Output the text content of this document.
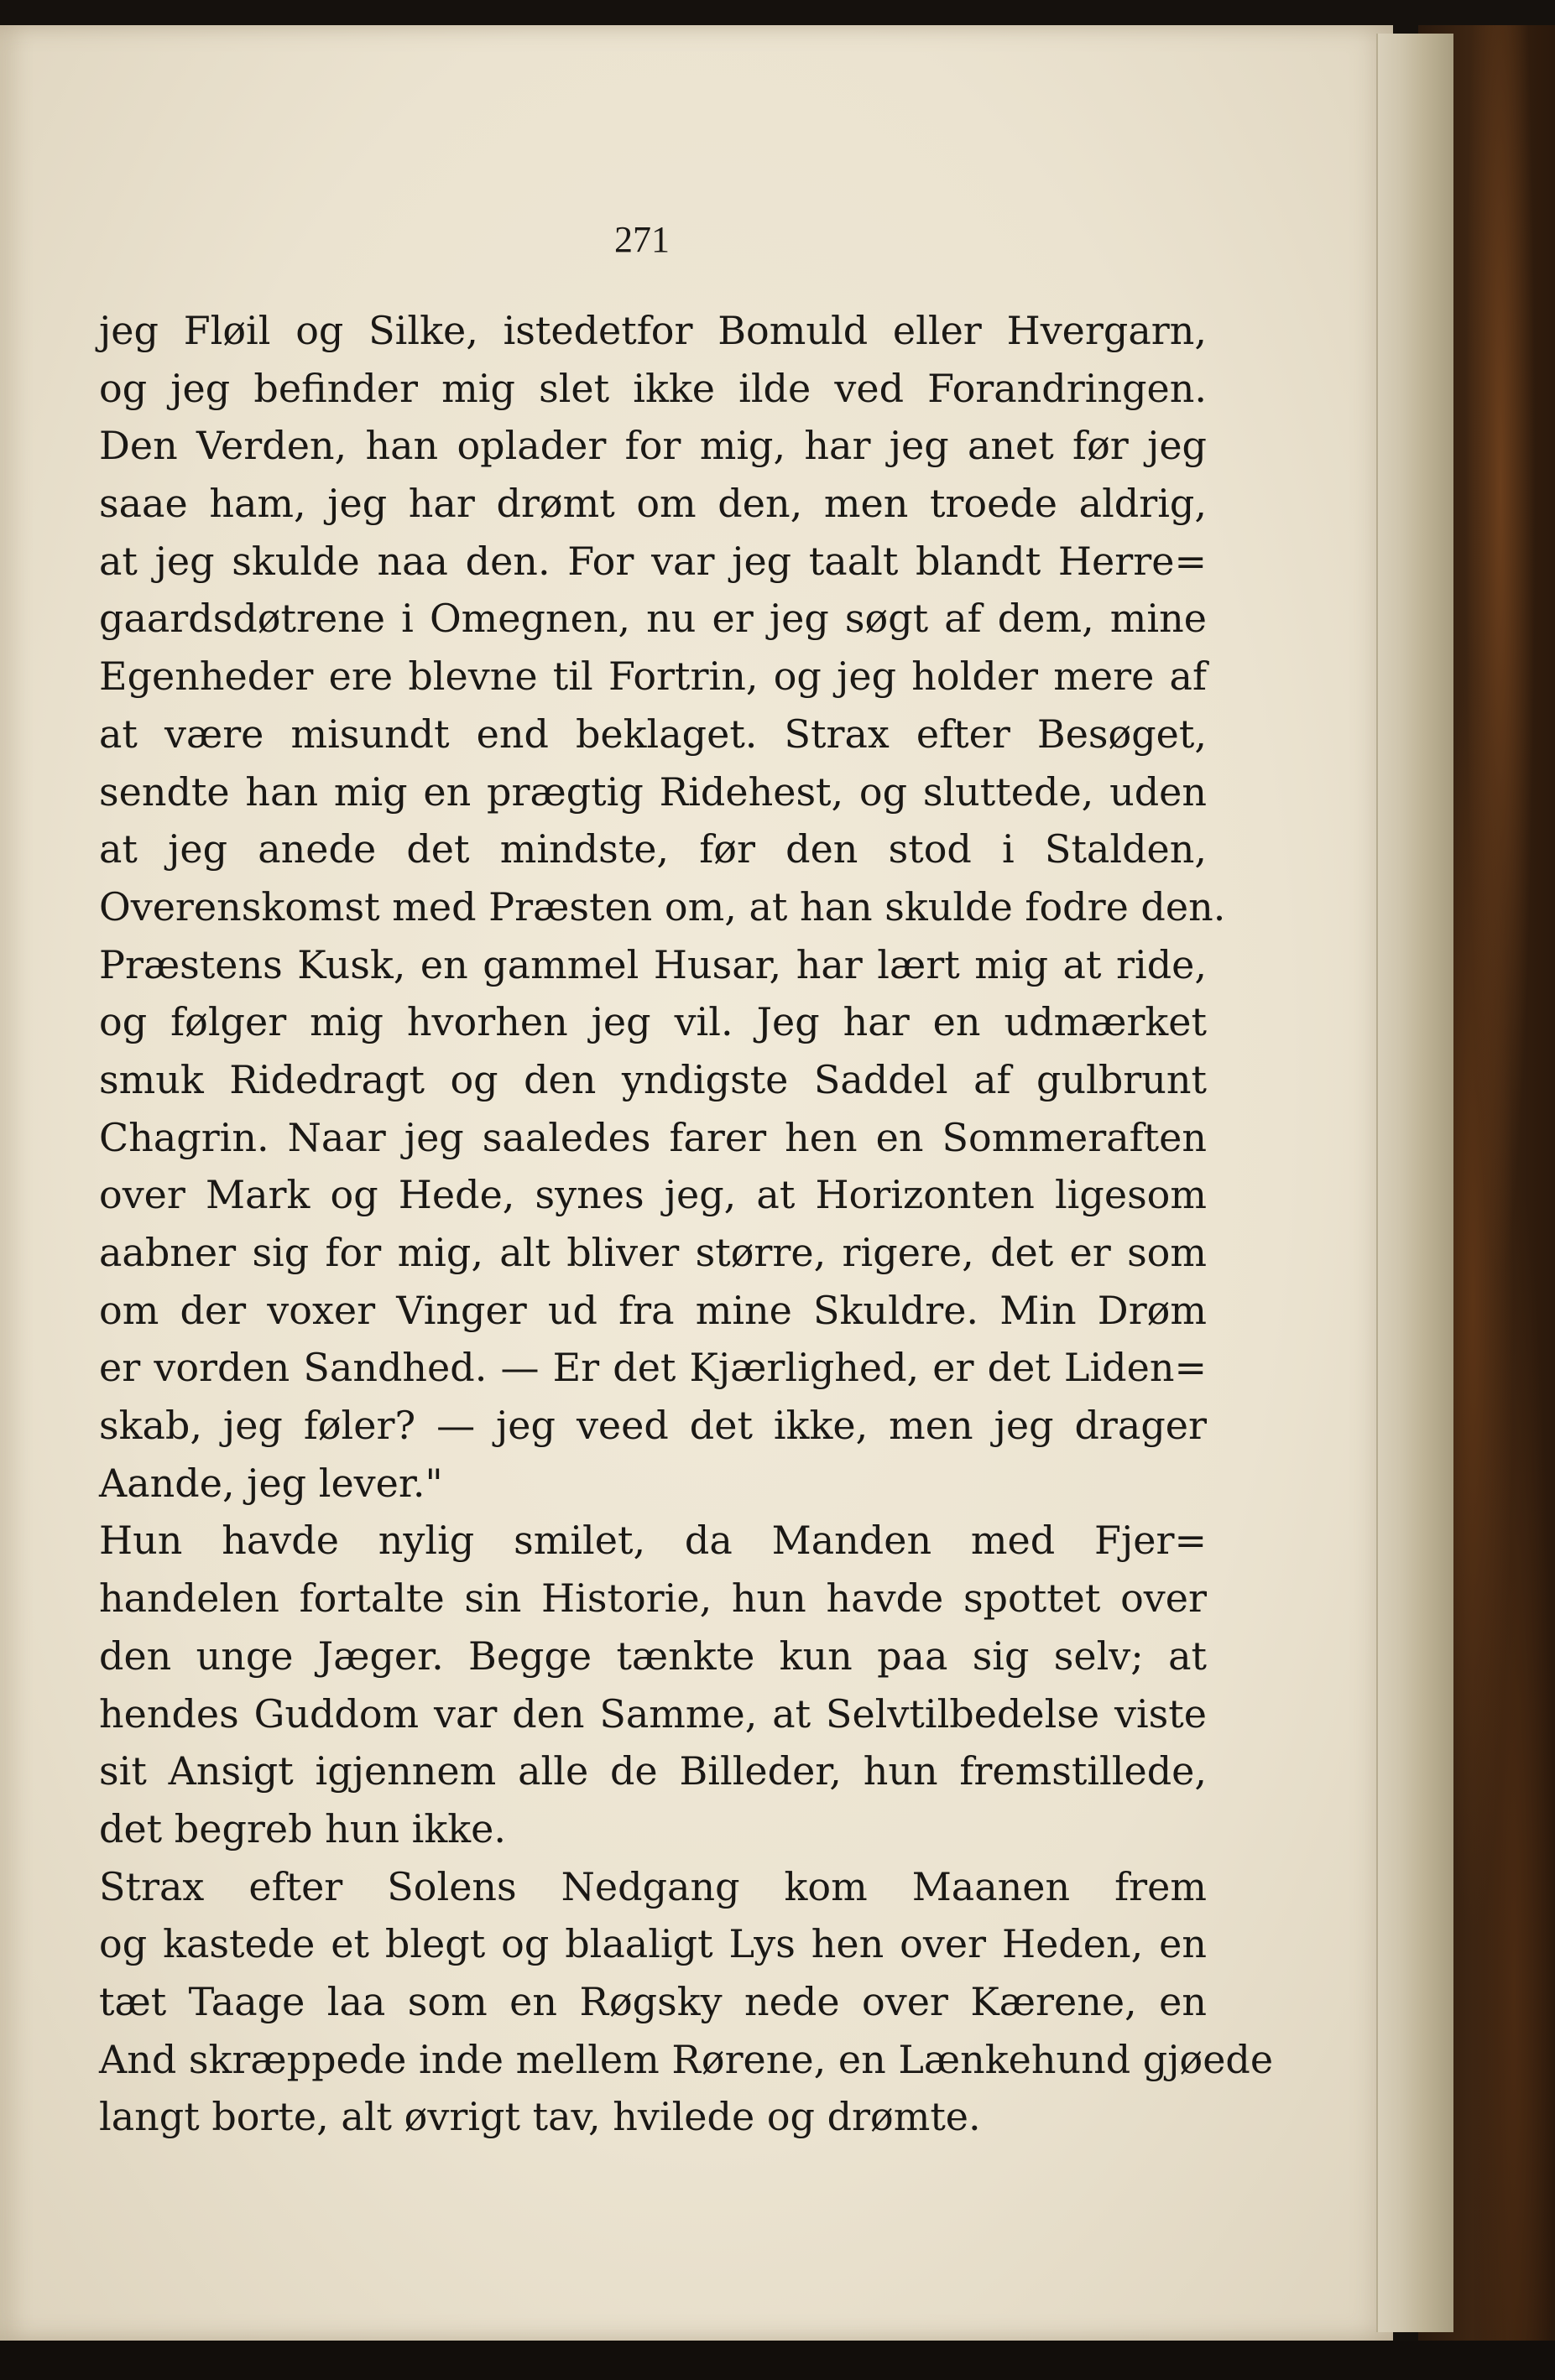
271
jeg Fløil og Silke, istedetfor Bomuld eller Hvergarn,
og jeg befinder mig slet ikke ilde ved Forandringen.
Den Verden, han oplader for mig, har jeg anet før jeg
saae ham, jeg har drømt om den, men troede aldrig,
at jeg skulde naa den. For var jeg taalt blandt Herre=
gaardsdøtrene i Omegnen, nu er jeg søgt af dem, mine
Egenheder ere blevne til Fortrin, og jeg holder mere af
at være misundt end beklaget. Strax efter Besøget,
sendte han mig en prægtig Ridehest, og sluttede, uden
at jeg anede det mindste, før den stod i Stalden,
Overenskomst med Præsten om, at han skulde fodre den.
Præstens Kusk, en gammel Husar, har lært mig at ride,
og følger mig hvorhen jeg vil. Jeg har en udmærket
smuk Ridedragt og den yndigste Saddel af gulbrunt
Chagrin. Naar jeg saaledes farer hen en Sommeraften
over Mark og Hede, synes jeg, at Horizonten ligesom
aabner sig for mig, alt bliver større, rigere, det er som
om der voxer Vinger ud fra mine Skuldre. Min Drøm
er vorden Sandhed. — Er det Kjærlighed, er det Liden=
skab, jeg føler? — jeg veed det ikke, men jeg drager
Aande, jeg lever."
Hun havde nylig smilet, da Manden med Fjer=
handelen fortalte sin Historie, hun havde spottet over
den unge Jæger. Begge tænkte kun paa sig selv; at
hendes Guddom var den Samme, at Selvtilbedelse viste
sit Ansigt igjennem alle de Billeder, hun fremstillede,
det begreb hun ikke.
Strax efter Solens Nedgang kom Maanen frem
og kastede et blegt og blaaligt Lys hen over Heden, en
tæt Taage laa som en Røgsky nede over Kærene, en
And skræppede inde mellem Rørene, en Lænkehund gjøede
langt borte, alt øvrigt tav, hvilede og drømte.
